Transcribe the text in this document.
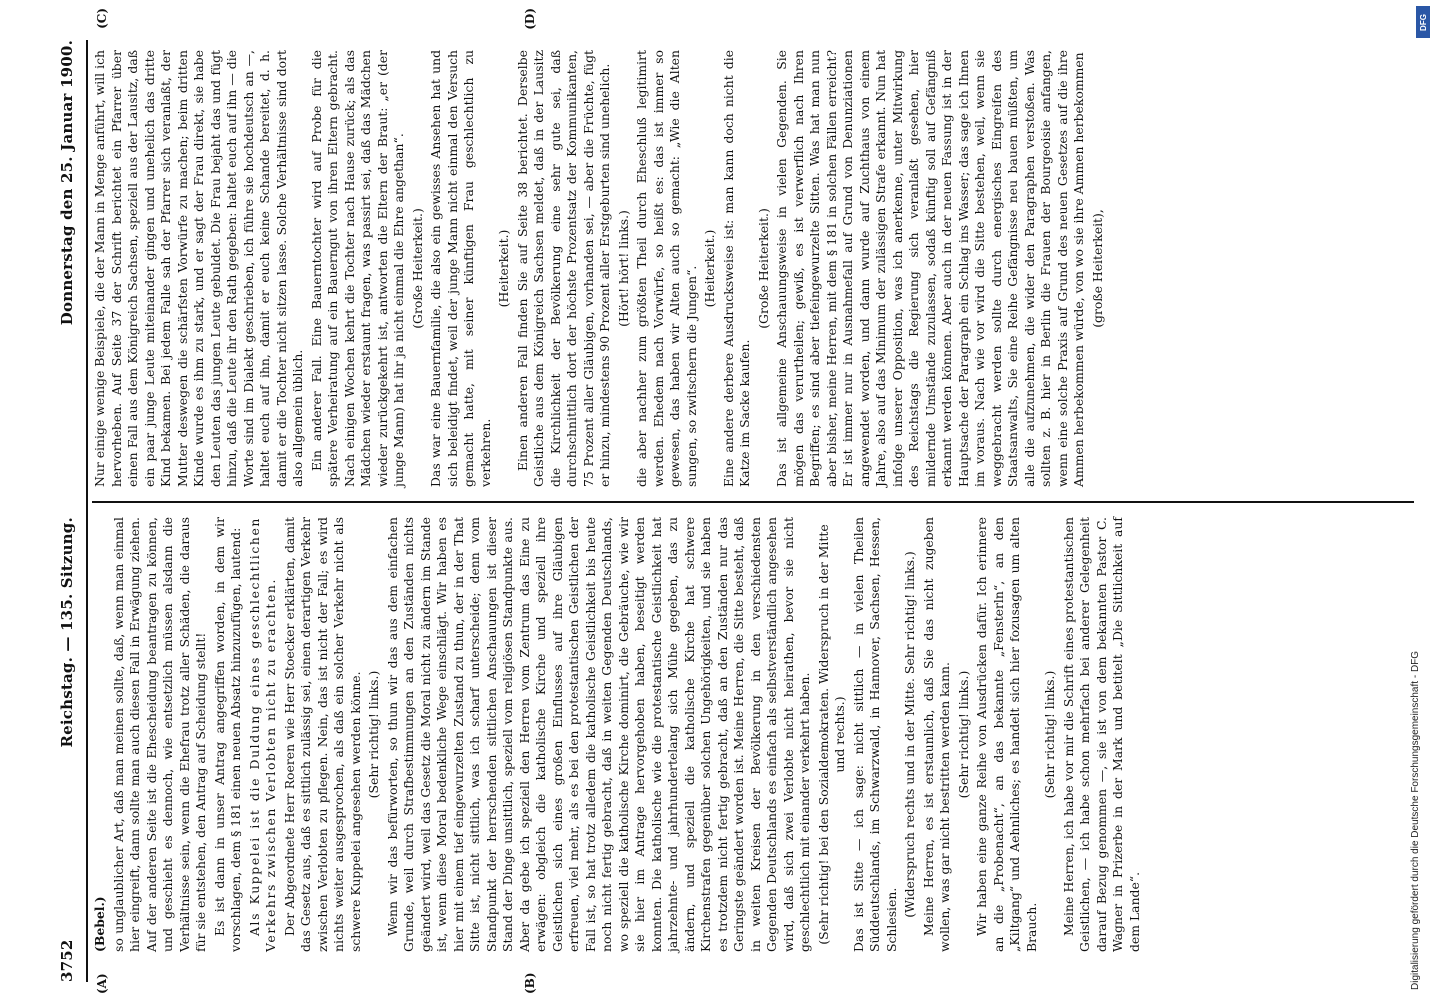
3752
Reichstag. — 135. Sitzung.
Donnerstag den 25. Januar 1900.
(A)	(B)

(Bebel.) so unglaublicher Art, daß man meinen sollte, daß, wenn man einmal hier eingreift, dann sollte man auch diesen Fall in Erwägung ziehen. Auf der anderen Seite ist die Ehescheidung beantragen zu können, und geschieht es dennoch, wie entsetzlich müssen alsdann die Verhältnisse sein, wenn die Ehefrau trotz aller Schäden, die daraus für sie entstehen, den Antrag auf Scheidung stellt! Es ist dann in unser Antrag angegriffen worden, in dem wir vorschlagen, dem § 181 einen neuen Absatz hinzuzufügen, lautend: Als Kuppelei ist die Duldung eines geschlechtlichen Verkehrs zwischen Verlobten nicht zu erachten. Der Abgeordnete Herr Roeren wie Herr Stoecker erklärten, damit das Gesetz aus, daß es sittlich zulässig sei, einen derartigen Verkehr zwischen Verlobten zu pflegen. Nein, das ist nicht der Fall; es wird nichts weiter ausgesprochen, als daß ein solcher Verkehr nicht als schwere Kuppelei angesehen werden könne. (Sehr richtig! links.) Wenn wir das befürworten, so thun wir das aus dem einfachen Grunde, weil durch Strafbestimmungen an den Zuständen nichts geändert wird, weil das Gesetz die Moral nicht zu ändern im Stande ist, wenn diese Moral bedenkliche Wege einschlägt. Wir haben es hier mit einem tief eingewurzelten Zustand zu thun, der in der That Sitte ist, nicht sittlich, was ich scharf unterscheide; denn vom Standpunkt der herrschenden sittlichen Anschauungen ist dieser Stand der Dinge unsittlich, speziell vom religiösen Standpunkte aus. Aber da gebe ich speziell den Herren vom Zentrum das Eine zu erwägen: obgleich die katholische Kirche und speziell ihre Geistlichen sich eines großen Einflusses auf ihre Gläubigen erfreuen, viel mehr, als es bei den protestantischen Geistlichen der Fall ist, so hat trotz alledem die katholische Geistlichkeit bis heute noch nicht fertig gebracht, daß in weiten Gegenden Deutschlands, wo speziell die katholische Kirche dominirt, die Gebräuche, wie wir sie hier im Antrage hervorgehoben haben, beseitigt werden konnten. Die katholische wie die protestantische Geistlichkeit hat jahrzehnte- und jahrhundertelang sich Mühe gegeben, das zu ändern, und speziell die katholische Kirche hat schwere Kirchenstrafen gegenüber solchen Ungehörigkeiten, und sie haben es trotzdem nicht fertig gebracht, daß an den Zuständen nur das Geringste geändert worden ist. Meine Herren, die Sitte besteht, daß in weiten Kreisen der Bevölkerung in den verschiedensten Gegenden Deutschlands es einfach als selbstverständlich angesehen wird, daß sich zwei Verlobte nicht heirathen, bevor sie nicht geschlechtlich mit einander verkehrt haben. (Sehr richtig! bei den Sozialdemokraten. Widerspruch in der Mitte und rechts.) Das ist Sitte — ich sage: nicht sittlich — in vielen Theilen Süddeutschlands, im Schwarzwald, in Hannover, Sachsen, Hessen, Schlesien.

(Widerspruch rechts und in der Mitte. Sehr richtig! links.) Meine Herren, es ist erstaunlich, daß Sie das nicht zugeben wollen, was gar nicht bestritten werden kann. (Sehr richtig! links.) Wir haben eine ganze Reihe von Ausdrücken dafür. Ich erinnere an die „Probenacht“, an das bekannte „Fensterln“, an den „Kiltgang“ und Aehnliches; es handelt sich hier fozusagen um alten Brauch.

(Sehr richtig! links.) Meine Herren, ich habe vor mir die Schrift eines protestantischen Geistlichen, — ich habe schon mehrfach bei anderer Gelegenheit darauf Bezug genommen —, sie ist von dem bekannten Pastor C. Wagner in Prizerbe in der Mark und betitelt „Die Sittlichkeit auf dem Lande“.

(C)	(D)

Nur einige wenige Beispiele, die der Mann in Menge anführt, will ich hervorheben. Auf Seite 37 der Schrift berichtet ein Pfarrer über einen Fall aus dem Königreich Sachsen, speziell aus der Lausitz, daß ein paar junge Leute miteinander gingen und unehelich das dritte Kind bekamen. Bei jedem Falle sah der Pfarrer sich veranlaßt, der Mutter deswegen die schärfsten Vorwürfe zu machen; beim dritten Kinde wurde es ihm zu stark, und er sagt der Frau direkt, sie habe den Leuten das jungen Leute gebuldet. Die Frau bejaht das und fügt hinzu, daß die Leute ihr den Rath gegeben: haltet euch auf ihn — die Worte sind im Dialekt geschrieben, ich führe sie hochdeutsch an —, haltet euch auf ihn, damit er euch keine Schande bereitet, d. h. damit er die Tochter nicht sitzen lasse. Solche Verhältnisse sind dort also allgemein üblich. Ein anderer Fall. Eine Bauerntochter wird auf Probe für die spätere Verheiratung auf ein Bauerngut von ihren Eltern gebracht. Nach einigen Wochen kehrt die Tochter nach Hause zurück; als das Mädchen wieder erstaunt fragen, was passirt sei, daß das Mädchen wieder zurückgekehrt ist, antworten die Eltern der Braut: „er (der junge Mann) hat ihr ja nicht einmal die Ehre angethan“. (Große Heiterkeit.) Das war eine Bauernfamilie, die also ein gewisses Ansehen hat und sich beleidigt findet, weil der junge Mann nicht einmal den Versuch gemacht hatte, mit seiner künftigen Frau geschlechtlich zu verkehren.

(Heiterkeit.) Einen anderen Fall finden Sie auf Seite 38 berichtet. Derselbe Geistliche aus dem Königreich Sachsen meldet, daß in der Lausitz die Kirchlichkeit der Bevölkerung eine sehr gute sei, daß durchschnittlich dort der höchste Prozentsatz der Kommunikanten, 75 Prozent aller Gläubigen, vorhanden sei, — aber die Früchte, fügt er hinzu, mindestens 90 Prozent aller Erstgeburten sind unehelich. (Hört! hört! links.) die aber nachher zum größten Theil durch Eheschluß legitimirt werden. Ehedem nach Vorwürfe, so heißt es: das ist immer so gewesen, das haben wir Alten auch so gemacht: „Wie die Alten sungen, so zwitschern die Jungen“. (Heiterkeit.) Eine andere derbere Ausdrucksweise ist: man kann doch nicht die Katze im Sacke kaufen.

(Große Heiterkeit.) Das ist allgemeine Anschauungsweise in vielen Gegenden. Sie mögen das verurtheilen; gewiß, es ist verwerflich nach Ihren Begriffen; es sind aber tiefeingewurzelte Sitten. Was hat man nun aber bisher, meine Herren, mit dem § 181 in solchen Fällen erreicht? Er ist immer nur in Ausnahmefall auf Grund von Denunziationen angewendet worden, und dann wurde auf Zuchthaus von einem Jahre, also auf das Minimum der zulässigen Strafe erkannt. Nun hat infolge unserer Opposition, was ich anerkenne, unter Mitwirkung des Reichstags die Regierung sich veranlaßt gesehen, hier mildernde Umstände zuzulassen, sodaß künftig soll auf Gefängniß erkannt werden können. Aber auch in der neuen Fassung ist in der Hauptsache der Paragraph ein Schlag ins Wasser; das sage ich Ihnen im voraus. Nach wie vor wird die Sitte bestehen, weil, wenn sie weggebracht werden sollte durch energisches Eingreifen des Staatsanwalts, Sie eine Reihe Gefängnisse neu bauen müßten, um alle die aufzunehmen, die wider den Paragraphen verstoßen. Was sollten z. B. hier in Berlin die Frauen der Bourgeoisie anfangen, wenn eine solche Praxis auf Grund des neuen Gesetzes auf die ihre Ammen herbekommen würde, von wo sie ihre Ammen herbekommen (große Heiterkeit),

Digitalisierung gefördert durch die Deutsche Forschungsgemeinschaft - DFG
DFG
